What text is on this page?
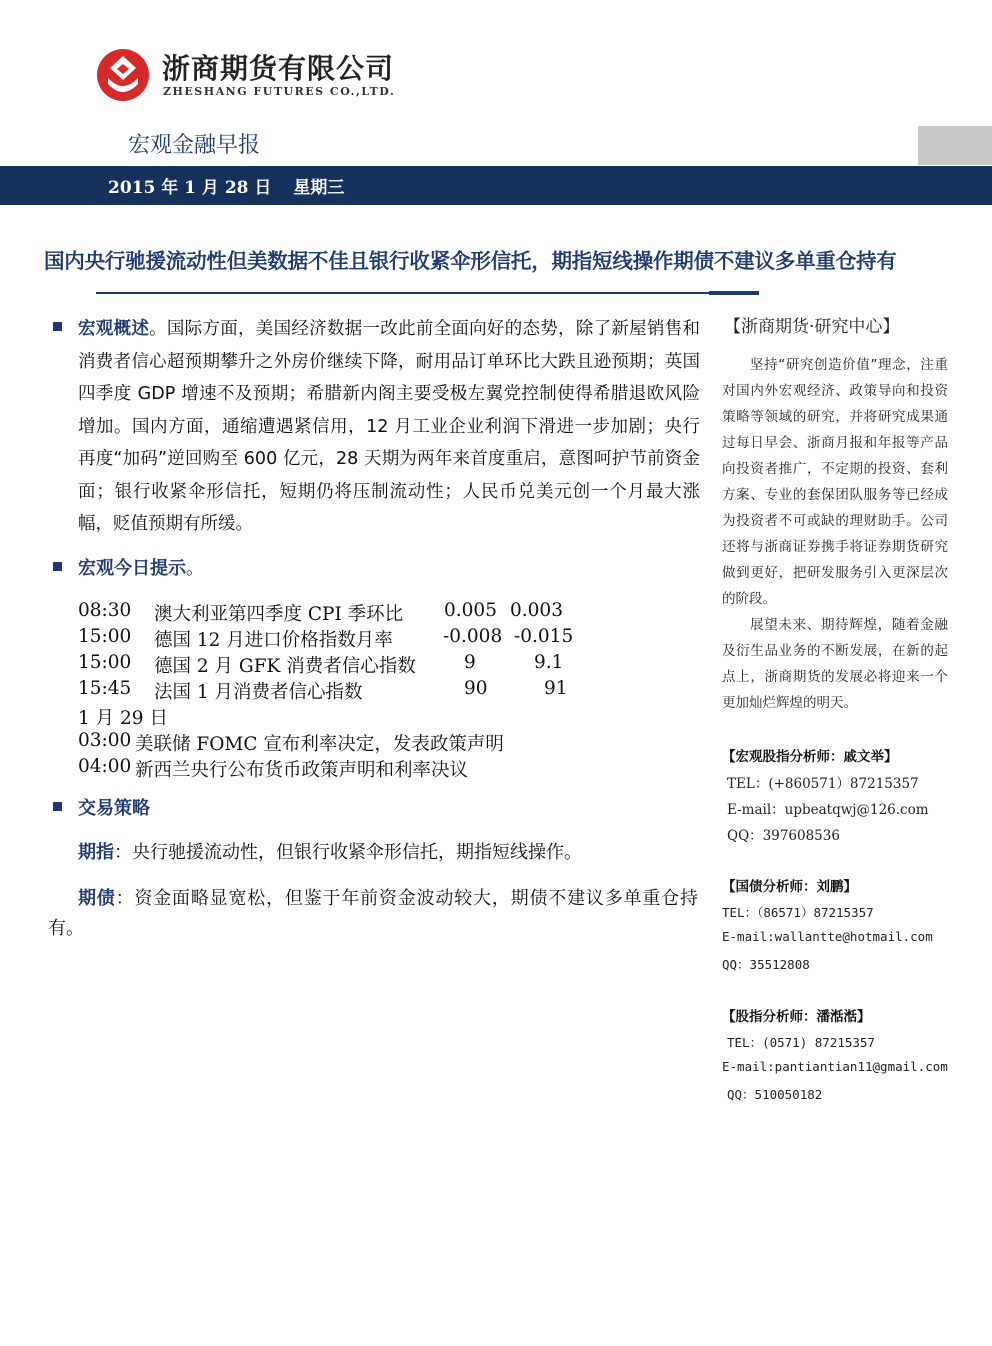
浙商期货有限公司
ZHESHANG FUTURES CO.,LTD.
宏观金融早报
2015 年 1 月 28 日 星期三
国内央行驰援流动性但美数据不佳且银行收紧伞形信托，期指短线操作期债不建议多单重仓持有
宏观概述。国际方面，美国经济数据一改此前全面向好的态势，除了新屋销售和消费者信心超预期攀升之外房价继续下降，耐用品订单环比大跌且逊预期；英国四季度 GDP 增速不及预期；希腊新内阁主要受极左翼党控制使得希腊退欧风险增加。国内方面，通缩遭遇紧信用，12 月工业企业利润下滑进一步加剧；央行再度“加码”逆回购至 600 亿元，28 天期为两年来首度重启，意图呵护节前资金面；银行收紧伞形信托，短期仍将压制流动性；人民币兑美元创一个月最大涨幅，贬值预期有所缓。
宏观今日提示。
08:30 澳大利亚第四季度 CPI 季环比 0.005 0.003
15:00 德国 12 月进口价格指数月率	-0.008 -0.015
15:00 德国 2 月 GFK 消费者信心指数	9	9.1
15:45 法国 1 月消费者信心指数	90	91
1 月 29 日
03:00 美联储 FOMC 宣布利率决定，发表政策声明
04:00 新西兰央行公布货币政策声明和利率决议
交易策略
期指：央行驰援流动性，但银行收紧伞形信托，期指短线操作。
期债：资金面略显宽松，但鉴于年前资金波动较大，期债不建议多单重仓持有。
【浙商期货·研究中心】
坚持“研究创造价值”理念，注重对国内外宏观经济、政策导向和投资策略等领域的研究，并将研究成果通过每日早会、浙商月报和年报等产品向投资者推广，不定期的投资、套利方案、专业的套保团队服务等已经成为投资者不可或缺的理财助手。公司还将与浙商证券携手将证券期货研究做到更好，把研发服务引入更深层次的阶段。
展望未来、期待辉煌，随着金融及衍生品业务的不断发展，在新的起点上，浙商期货的发展必将迎来一个更加灿烂辉煌的明天。
【宏观股指分析师：戚文举】
TEL：(+860571）87215357
E-mail：upbeatqwj@126.com
QQ：397608536
【国债分析师：刘鹏】
TEL：（86571）87215357
E-mail:wallantte@hotmail.com
QQ：35512808
【股指分析师：潘湉湉】
TEL：(0571) 87215357
E-mail:pantiantian11@gmail.com
QQ：510050182
